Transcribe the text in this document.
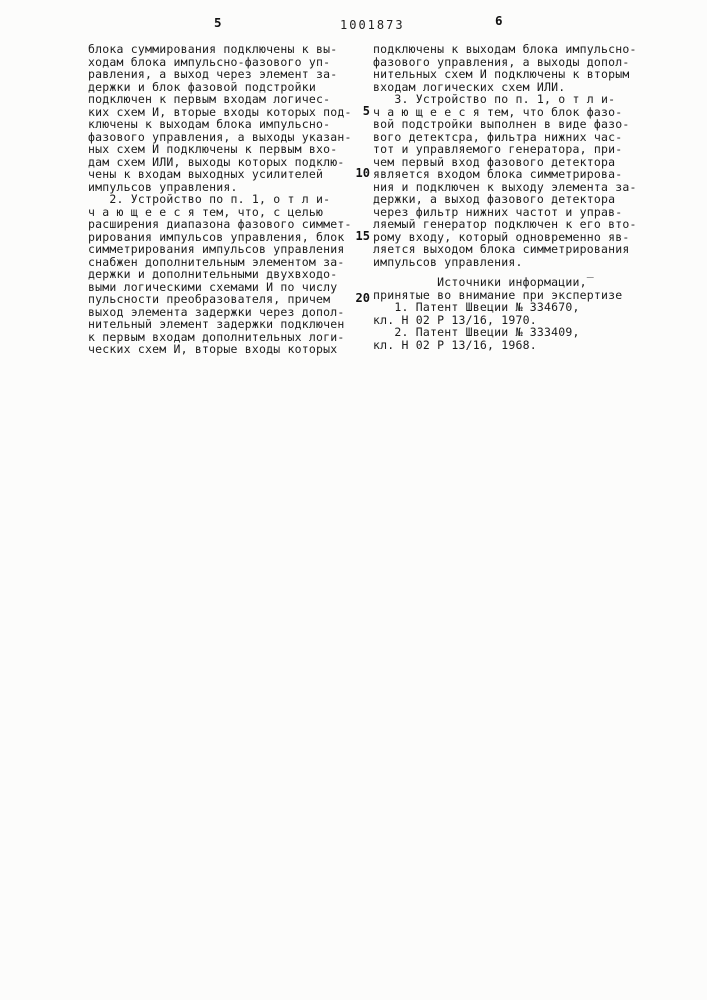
5	1001873	6
блока суммирования подключены к вы-
ходам блока импульсно-фазового уп-
равления, а выход через элемент за-
держки и блок фазовой подстройки
подключен к первым входам логичес-
ких схем И, вторые входы которых под-
ключены к выходам блока импульсно-
фазового управления, а выходы указан-
ных схем И подключены к первым вхо-
дам схем ИЛИ, выходы которых подклю-
чены к входам выходных усилителей
импульсов управления.
2. Устройство по п. 1, о т л и-
ч а ю щ е е с я тем, что, с целью
расширения диапазона фазового симмет-
рирования импульсов управления, блок
симметрирования импульсов управления
снабжен дополнительным элементом за-
держки и дополнительными двухвходо-
выми логическими схемами И по числу
пульсности преобразователя, причем
выход элемента задержки через допол-
нительный элемент задержки подключен
к первым входам дополнительных логи-
ческих схем И, вторые входы которых
5
10
15
20
подключены к выходам блока импульсно-
фазового управления, а выходы допол-
нительных схем И подключены к вторым
входам логических схем ИЛИ.
3. Устройство по п. 1, о т л и-
ч а ю щ е е с я тем, что блок фазо-
вой подстройки выполнен в виде фазо-
вого детектсра, фильтра нижних час-
тот и управляемого генератора, при-
чем первый вход фазового детектора
является входом блока симметрирова-
ния и подключен к выходу элемента за-
держки, а выход фазового детектора
через фильтр нижних частот и управ-
ляемый генератор подключен к его вто-
рому входу, который одновременно яв-
ляется выходом блока симметрирования
импульсов управления.
Источники информации,‾
принятые во внимание при экспертизе
1. Патент Швеции № 334670,
кл. Н 02 Р 13/16, 1970.
2. Патент Швеции № 333409,
кл. Н 02 Р 13/16, 1968.
